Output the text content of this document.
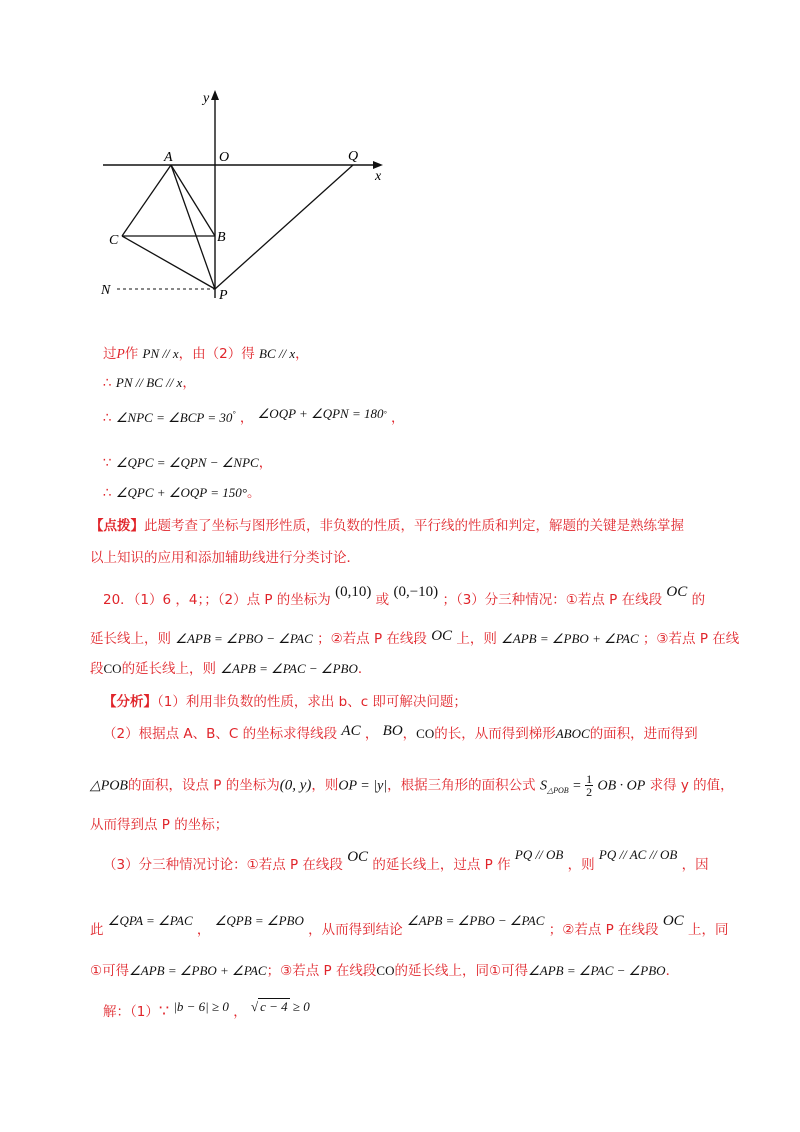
y
x
O
A	Q
B
C
N	P
过P作 PN // x，由（2）得 BC // x，
∴ PN // BC // x，
∴ ∠NPC = ∠BCP = 30° ， ∠OQP + ∠QPN = 180° ，
∵ ∠QPC = ∠QPN − ∠NPC，
∴ ∠QPC + ∠OQP = 150°。
【点拨】此题考查了坐标与图形性质，非负数的性质，平行线的性质和判定，解题的关键是熟练掌握
以上知识的应用和添加辅助线进行分类讨论．
20．（1）6 ，4；；（2）点 P 的坐标为 (0,10) 或 (0,−10) ；（3）分三种情况：①若点 P 在线段 OC 的
延长线上，则 ∠APB = ∠PBO − ∠PAC ；②若点 P 在线段 OC 上，则 ∠APB = ∠PBO + ∠PAC ；③若点 P 在线
段CO的延长线上，则 ∠APB = ∠PAC − ∠PBO．
【分析】（1）利用非负数的性质，求出 b、c 即可解决问题；
（2）根据点 A、B、C 的坐标求得线段 AC ， BO，CO的长，从而得到梯形ABOC的面积，进而得到
△POB的面积，设点 P 的坐标为(0, y)，则OP = |y|，根据三角形的面积公式 $S_{\triangle POB} = \frac{1}{2}$ OB · OP 求得 y 的值，
从而得到点 P 的坐标；
（3）分三种情况讨论：①若点 P 在线段 OC 的延长线上，过点 P 作 PQ // OB ，则 PQ // AC // OB ，因
此 ∠QPA = ∠PAC ， ∠QPB = ∠PBO ，从而得到结论 ∠APB = ∠PBO − ∠PAC ；②若点 P 在线段 OC 上，同
①可得∠APB = ∠PBO + ∠PAC；③若点 P 在线段CO的延长线上，同①可得∠APB = ∠PAC − ∠PBO．
解：（1）∵ |b − 6| ≥ 0 ， √ c − 4 ≥ 0
